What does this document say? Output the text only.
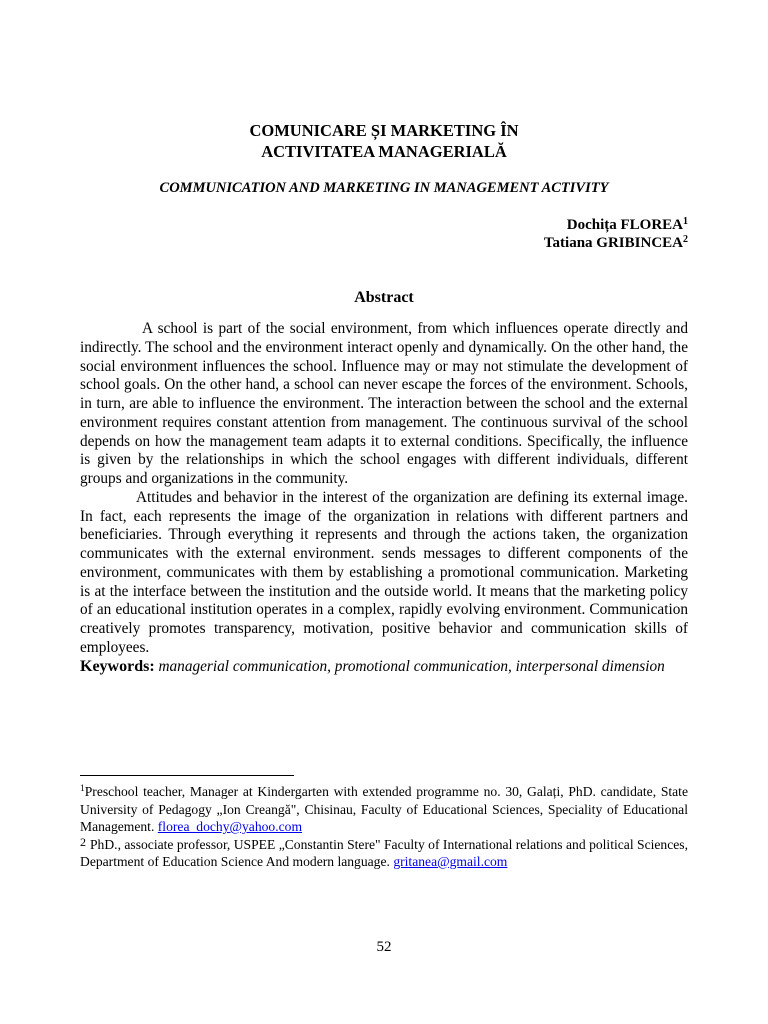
COMUNICARE ȘI MARKETING ÎN
ACTIVITATEA MANAGERIALĂ
COMMUNICATION AND MARKETING IN MANAGEMENT ACTIVITY
Dochița FLOREA$^1$
Tatiana GRIBINCEA$^2$
Abstract

A school is part of the social environment, from which influences operate directly and indirectly. The school and the environment interact openly and dynamically. On the other hand, the social environment influences the school. Influence may or may not stimulate the development of school goals. On the other hand, a school can never escape the forces of the environment. Schools, in turn, are able to influence the environment. The interaction between the school and the external environment requires constant attention from management. The continuous survival of the school depends on how the management team adapts it to external conditions. Specifically, the influence is given by the relationships in which the school engages with different individuals, different groups and organizations in the community.

Attitudes and behavior in the interest of the organization are defining its external image. In fact, each represents the image of the organization in relations with different partners and beneficiaries. Through everything it represents and through the actions taken, the organization communicates with the external environment. sends messages to different components of the environment, communicates with them by establishing a promotional communication. Marketing is at the interface between the institution and the outside world. It means that the marketing policy of an educational institution operates in a complex, rapidly evolving environment. Communication creatively promotes transparency, motivation, positive behavior and communication skills of employees.

Keywords: managerial communication, promotional communication, interpersonal dimension

$^1$Preschool teacher, Manager at Kindergarten with extended programme no. 30, Galați, PhD. candidate, State University of Pedagogy „Ion Creangă", Chisinau, Faculty of Educational Sciences, Speciality of Educational Management. florea_dochy@yahoo.com

$^2$ PhD., associate professor, USPEE „Constantin Stere" Faculty of International relations and political Sciences, Department of Education Science And modern language. gritanea@gmail.com

52
